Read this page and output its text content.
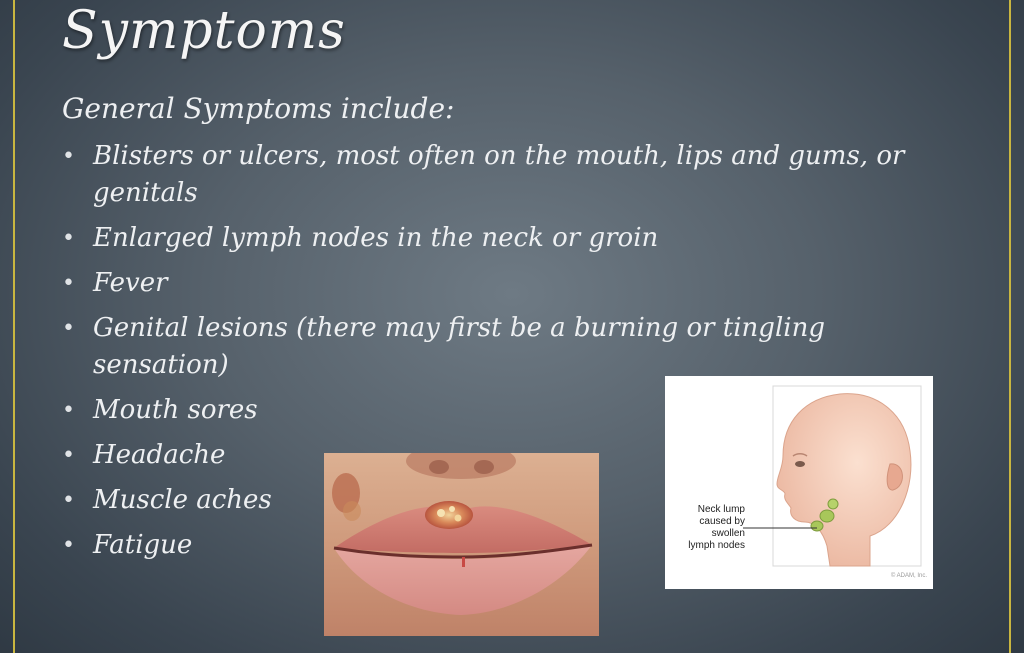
Symptoms
General Symptoms include:
• Blisters or ulcers, most often on the mouth, lips and gums, or genitals
• Enlarged lymph nodes in the neck or groin
• Fever
• Genital lesions (there may first be a burning or tingling sensation)
• Mouth sores
• Headache
• Muscle aches
• Fatigue
Neck lump
caused by
swollen
lymph nodes
© ADAM, Inc.
